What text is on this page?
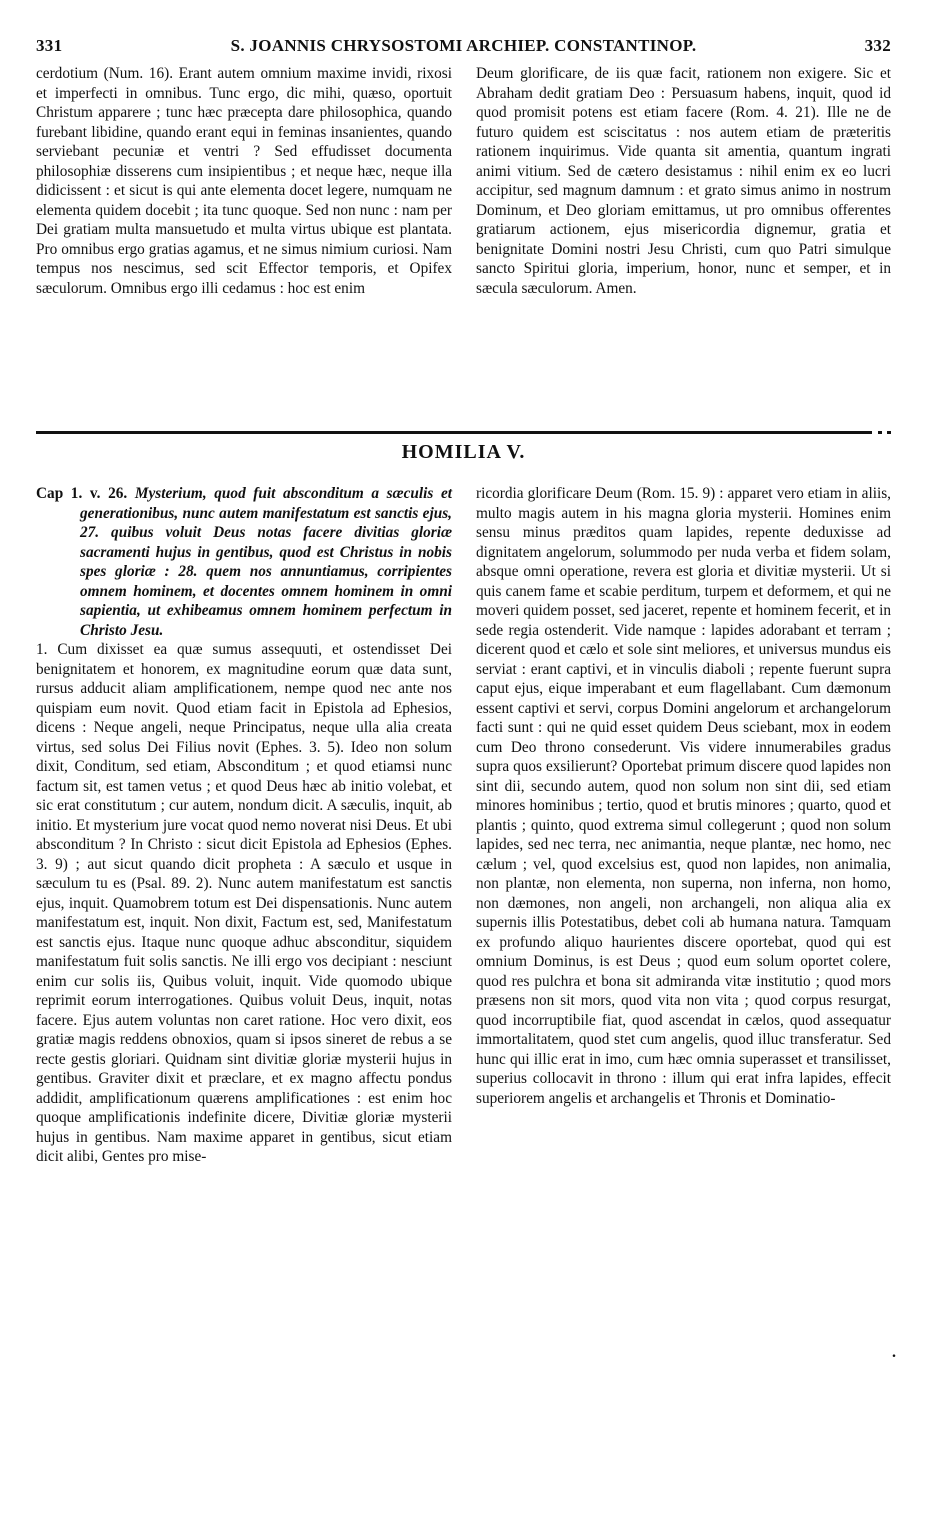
331	S. JOANNIS CHRYSOSTOMI ARCHIEP. CONSTANTINOP.	332

cerdotium (Num. 16). Erant autem omnium maxime invidi, rixosi et imperfecti in omnibus. Tunc ergo, dic mihi, quæso, oportuit Christum apparere ; tunc hæc præcepta dare philosophica, quando furebant libidine, quando erant equi in feminas insanientes, quando serviebant pecuniæ et ventri ? Sed effudisset documenta philosophiæ disserens cum insipientibus ; et neque hæc, neque illa didicissent : et sicut is qui ante elementa docet legere, numquam ne elementa quidem docebit ; ita tunc quoque. Sed non nunc : nam per Dei gratiam multa mansuetudo et multa virtus ubique est plantata. Pro omnibus ergo gratias agamus, et ne simus nimium curiosi. Nam tempus nos nescimus, sed scit Effector temporis, et Opifex sæculorum. Omnibus ergo illi cedamus : hoc est enim

Deum glorificare, de iis quæ facit, rationem non exigere. Sic et Abraham dedit gratiam Deo : Persuasum habens, inquit, quod id quod promisit potens est etiam facere (Rom. 4. 21). Ille ne de futuro quidem est sciscitatus : nos autem etiam de præteritis rationem inquirimus. Vide quanta sit amentia, quantum ingrati animi vitium. Sed de cætero desistamus : nihil enim ex eo lucri accipitur, sed magnum damnum : et grato simus animo in nostrum Dominum, et Deo gloriam emittamus, ut pro omnibus offerentes gratiarum actionem, ejus misericordia dignemur, gratia et benignitate Domini nostri Jesu Christi, cum quo Patri simulque sancto Spiritui gloria, imperium, honor, nunc et semper, et in sæcula sæculorum. Amen.

HOMILIA V.

Cap 1. v. 26. Mysterium, quod fuit absconditum a sæculis et generationibus, nunc autem manifestatum est sanctis ejus, 27. quibus voluit Deus notas facere divitias gloriæ sacramenti hujus in gentibus, quod est Christus in nobis spes gloriæ : 28. quem nos annuntiamus, corripientes omnem hominem, et docentes omnem hominem in omni sapientia, ut exhibeamus omnem hominem perfectum in Christo Jesu.

1. Cum dixisset ea quæ sumus assequuti, et ostendisset Dei benignitatem et honorem, ex magnitudine eorum quæ data sunt, rursus adducit aliam amplificationem, nempe quod nec ante nos quispiam eum novit. Quod etiam facit in Epistola ad Ephesios, dicens : Neque angeli, neque Principatus, neque ulla alia creata virtus, sed solus Dei Filius novit (Ephes. 3. 5). Ideo non solum dixit, Conditum, sed etiam, Absconditum ; et quod etiamsi nunc factum sit, est tamen vetus ; et quod Deus hæc ab initio volebat, et sic erat constitutum ; cur autem, nondum dicit. A sæculis, inquit, ab initio. Et mysterium jure vocat quod nemo noverat nisi Deus. Et ubi absconditum ? In Christo : sicut dicit Epistola ad Ephesios (Ephes. 3. 9) ; aut sicut quando dicit propheta : A sæculo et usque in sæculum tu es (Psal. 89. 2). Nunc autem manifestatum est sanctis ejus, inquit. Quamobrem totum est Dei dispensationis. Nunc autem manifestatum est, inquit. Non dixit, Factum est, sed, Manifestatum est sanctis ejus. Itaque nunc quoque adhuc absconditur, siquidem manifestatum fuit solis sanctis. Ne illi ergo vos decipiant : nesciunt enim cur solis iis, Quibus voluit, inquit. Vide quomodo ubique reprimit eorum interrogationes. Quibus voluit Deus, inquit, notas facere. Ejus autem voluntas non caret ratione. Hoc vero dixit, eos gratiæ magis reddens obnoxios, quam si ipsos sineret de rebus a se recte gestis gloriari. Quidnam sint divitiæ gloriæ mysterii hujus in gentibus. Graviter dixit et præclare, et ex magno affectu pondus addidit, amplificationum quærens amplificationes : est enim hoc quoque amplificationis indefinite dicere, Divitiæ gloriæ mysterii hujus in gentibus. Nam maxime apparet in gentibus, sicut etiam dicit alibi, Gentes pro mise-

ricordia glorificare Deum (Rom. 15. 9) : apparet vero etiam in aliis, multo magis autem in his magna gloria mysterii. Homines enim sensu minus præditos quam lapides, repente deduxisse ad dignitatem angelorum, solummodo per nuda verba et fidem solam, absque omni operatione, revera est gloria et divitiæ mysterii. Ut si quis canem fame et scabie perditum, turpem et deformem, et qui ne moveri quidem posset, sed jaceret, repente et hominem fecerit, et in sede regia ostenderit. Vide namque : lapides adorabant et terram ; dicerent quod et cælo et sole sint meliores, et universus mundus eis serviat : erant captivi, et in vinculis diaboli ; repente fuerunt supra caput ejus, eique imperabant et eum flagellabant. Cum dæmonum essent captivi et servi, corpus Domini angelorum et archangelorum facti sunt : qui ne quid esset quidem Deus sciebant, mox in eodem cum Deo throno consederunt. Vis videre innumerabiles gradus supra quos exsilierunt? Oportebat primum discere quod lapides non sint dii, secundo autem, quod non solum non sint dii, sed etiam minores hominibus ; tertio, quod et brutis minores ; quarto, quod et plantis ; quinto, quod extrema simul collegerunt ; quod non solum lapides, sed nec terra, nec animantia, neque plantæ, nec homo, nec cælum ; vel, quod excelsius est, quod non lapides, non animalia, non plantæ, non elementa, non superna, non inferna, non homo, non dæmones, non angeli, non archangeli, non aliqua alia ex supernis illis Potestatibus, debet coli ab humana natura. Tamquam ex profundo aliquo haurientes discere oportebat, quod qui est omnium Dominus, is est Deus ; quod eum solum oportet colere, quod res pulchra et bona sit admiranda vitæ institutio ; quod mors præsens non sit mors, quod vita non vita ; quod corpus resurgat, quod incorruptibile fiat, quod ascendat in cælos, quod assequatur immortalitatem, quod stet cum angelis, quod illuc transferatur. Sed hunc qui illic erat in imo, cum hæc omnia superasset et transilisset, superius collocavit in throno : illum qui erat infra lapides, effecit superiorem angelis et archangelis et Thronis et Dominatio-

.
